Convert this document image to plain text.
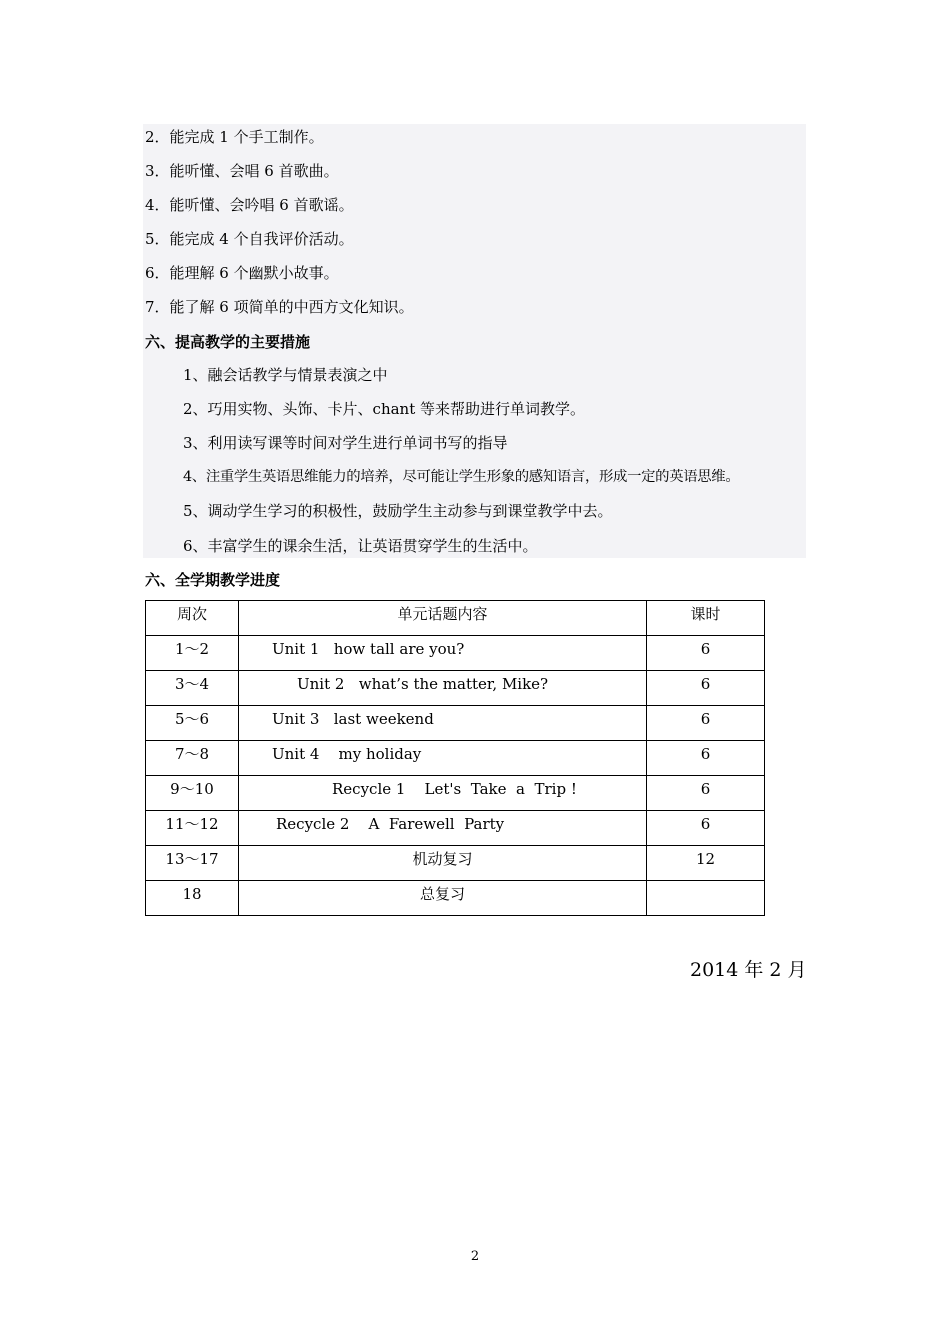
2．能完成 1 个手工制作。
3．能听懂、会唱 6 首歌曲。
4．能听懂、会吟唱 6 首歌谣。
5．能完成 4 个自我评价活动。
6．能理解 6 个幽默小故事。
7．能了解 6 项简单的中西方文化知识。
六、提高教学的主要措施
1、融会话教学与情景表演之中
2、巧用实物、头饰、卡片、chant 等来帮助进行单词教学。
3、利用读写课等时间对学生进行单词书写的指导
4、注重学生英语思维能力的培养，尽可能让学生形象的感知语言，形成一定的英语思维。
5、调动学生学习的积极性，鼓励学生主动参与到课堂教学中去。
6、丰富学生的课余生活，让英语贯穿学生的生活中。
六、全学期教学进度
周次	单元话题内容	课时
1～2	Unit 1   how tall are you?	6
3～4	Unit 2   what’s the matter, Mike?	6
5～6	Unit 3   last weekend	6
7～8	Unit 4    my holiday	6
9～10	Recycle 1    Let's  Take  a  Trip !	6
11～12	Recycle 2    A  Farewell  Party	6
13～17	机动复习	12
18	总复习	
2014 年 2 月
2
